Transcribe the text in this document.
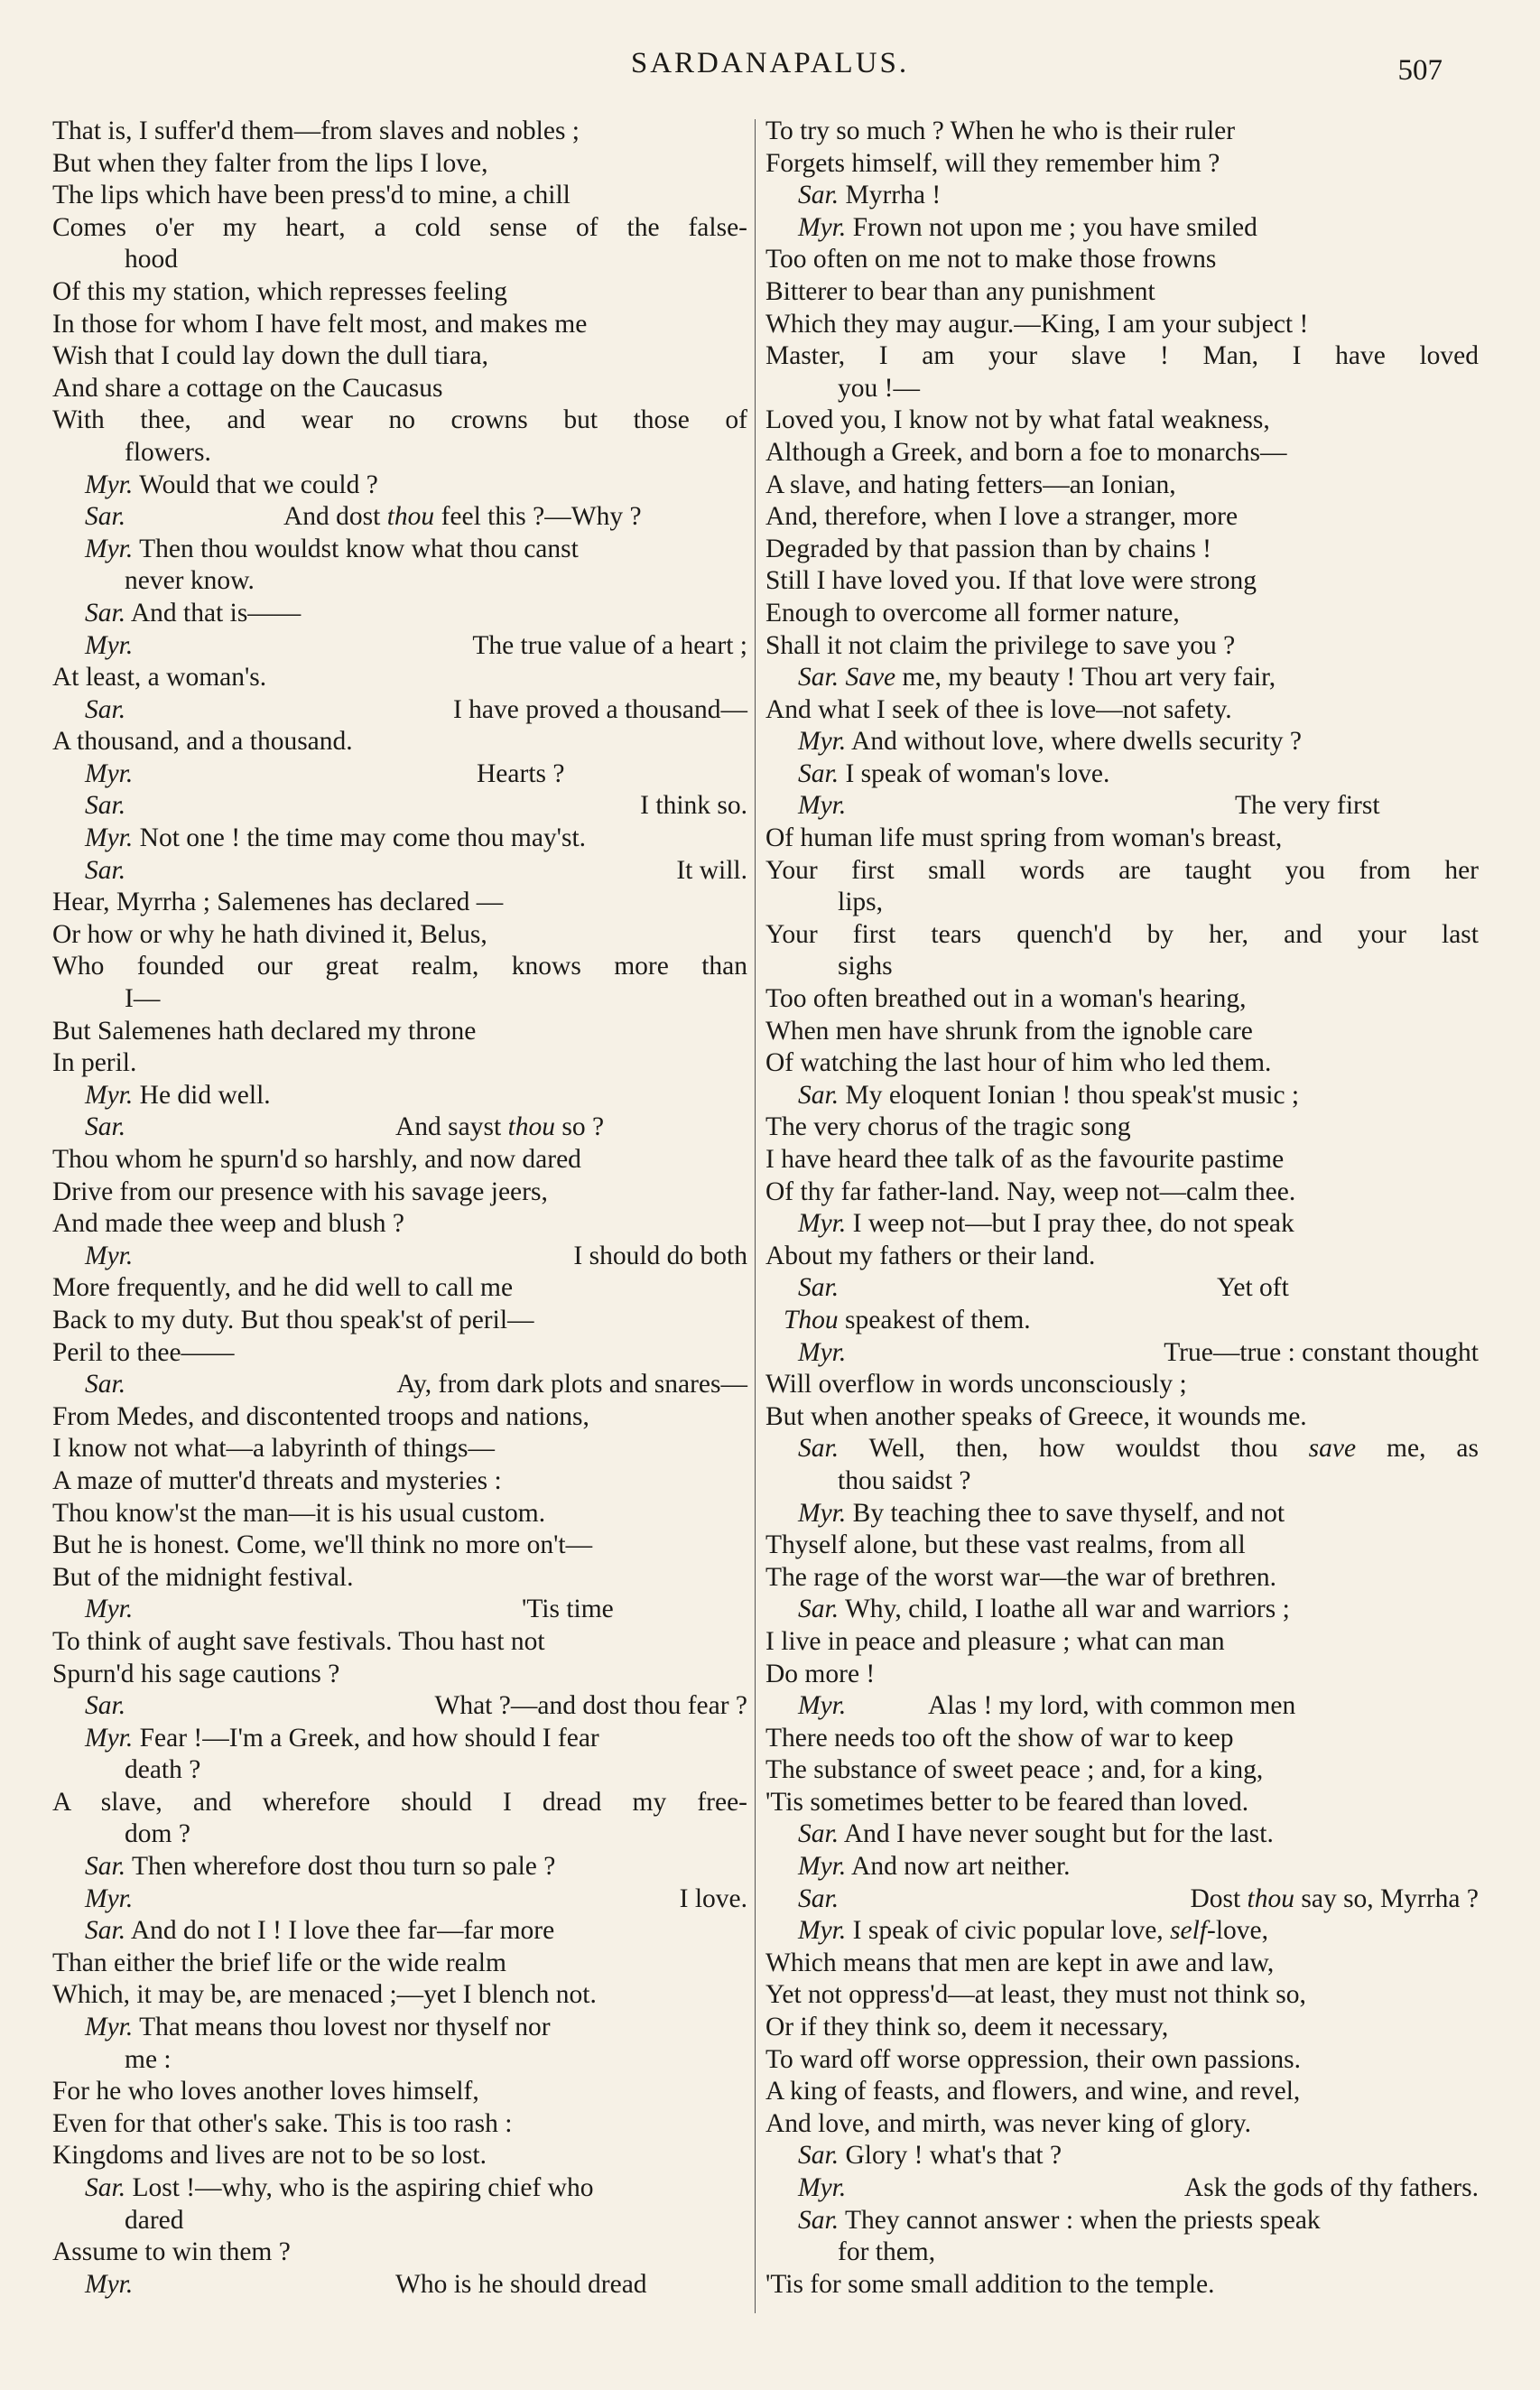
SARDANAPALUS.	507
That is, I suffer'd them—from slaves and nobles ;
But when they falter from the lips I love,
The lips which have been press'd to mine, a chill
Comes o'er my heart, a cold sense of the false-
hood
Of this my station, which represses feeling
In those for whom I have felt most, and makes me
Wish that I could lay down the dull tiara,
And share a cottage on the Caucasus
With thee, and wear no crowns but those of
flowers.
Myr. Would that we could ?
Sar.	And dost thou feel this ?—Why ?
Myr. Then thou wouldst know what thou canst
never know.
Sar. And that is——
Myr.	The true value of a heart ;
At least, a woman's.
Sar.	I have proved a thousand—
A thousand, and a thousand.
Myr.	Hearts ?
Sar.	I think so.
Myr. Not one ! the time may come thou may'st.
Sar.	It will.
Hear, Myrrha ; Salemenes has declared —
Or how or why he hath divined it, Belus,
Who founded our great realm, knows more than
I—
But Salemenes hath declared my throne
In peril.
Myr. He did well.
Sar.	And sayst thou so ?
Thou whom he spurn'd so harshly, and now dared
Drive from our presence with his savage jeers,
And made thee weep and blush ?
Myr.	I should do both
More frequently, and he did well to call me
Back to my duty. But thou speak'st of peril—
Peril to thee——
Sar.	Ay, from dark plots and snares—
From Medes, and discontented troops and nations,
I know not what—a labyrinth of things—
A maze of mutter'd threats and mysteries :
Thou know'st the man—it is his usual custom.
But he is honest. Come, we'll think no more on't—
But of the midnight festival.
Myr.	'Tis time
To think of aught save festivals. Thou hast not
Spurn'd his sage cautions ?
Sar.	What ?—and dost thou fear ?
Myr. Fear !—I'm a Greek, and how should I fear
death ?
A slave, and wherefore should I dread my free-
dom ?
Sar. Then wherefore dost thou turn so pale ?
Myr.	I love.
Sar. And do not I ! I love thee far—far more
Than either the brief life or the wide realm
Which, it may be, are menaced ;—yet I blench not.
Myr. That means thou lovest nor thyself nor
me :
For he who loves another loves himself,
Even for that other's sake. This is too rash :
Kingdoms and lives are not to be so lost.
Sar. Lost !—why, who is the aspiring chief who
dared
Assume to win them ?
Myr.	Who is he should dread
To try so much ? When he who is their ruler
Forgets himself, will they remember him ?
Sar. Myrrha !
Myr. Frown not upon me ; you have smiled
Too often on me not to make those frowns
Bitterer to bear than any punishment
Which they may augur.—King, I am your subject !
Master, I am your slave ! Man, I have loved
you !—
Loved you, I know not by what fatal weakness,
Although a Greek, and born a foe to monarchs—
A slave, and hating fetters—an Ionian,
And, therefore, when I love a stranger, more
Degraded by that passion than by chains !
Still I have loved you. If that love were strong
Enough to overcome all former nature,
Shall it not claim the privilege to save you ?
Sar. Save me, my beauty ! Thou art very fair,
And what I seek of thee is love—not safety.
Myr. And without love, where dwells security ?
Sar. I speak of woman's love.
Myr.	The very first
Of human life must spring from woman's breast,
Your first small words are taught you from her
lips,
Your first tears quench'd by her, and your last
sighs
Too often breathed out in a woman's hearing,
When men have shrunk from the ignoble care
Of watching the last hour of him who led them.
Sar. My eloquent Ionian ! thou speak'st music ;
The very chorus of the tragic song
I have heard thee talk of as the favourite pastime
Of thy far father-land. Nay, weep not—calm thee.
Myr. I weep not—but I pray thee, do not speak
About my fathers or their land.
Sar.	Yet oft
Thou speakest of them.
Myr.	True—true : constant thought
Will overflow in words unconsciously ;
But when another speaks of Greece, it wounds me.
Sar. Well, then, how wouldst thou save me, as
thou saidst ?
Myr. By teaching thee to save thyself, and not
Thyself alone, but these vast realms, from all
The rage of the worst war—the war of brethren.
Sar. Why, child, I loathe all war and warriors ;
I live in peace and pleasure ; what can man
Do more !
Myr.	Alas ! my lord, with common men
There needs too oft the show of war to keep
The substance of sweet peace ; and, for a king,
'Tis sometimes better to be feared than loved.
Sar. And I have never sought but for the last.
Myr. And now art neither.
Sar.	Dost thou say so, Myrrha ?
Myr. I speak of civic popular love, self-love,
Which means that men are kept in awe and law,
Yet not oppress'd—at least, they must not think so,
Or if they think so, deem it necessary,
To ward off worse oppression, their own passions.
A king of feasts, and flowers, and wine, and revel,
And love, and mirth, was never king of glory.
Sar. Glory ! what's that ?
Myr.	Ask the gods of thy fathers.
Sar. They cannot answer : when the priests speak
for them,
'Tis for some small addition to the temple.
